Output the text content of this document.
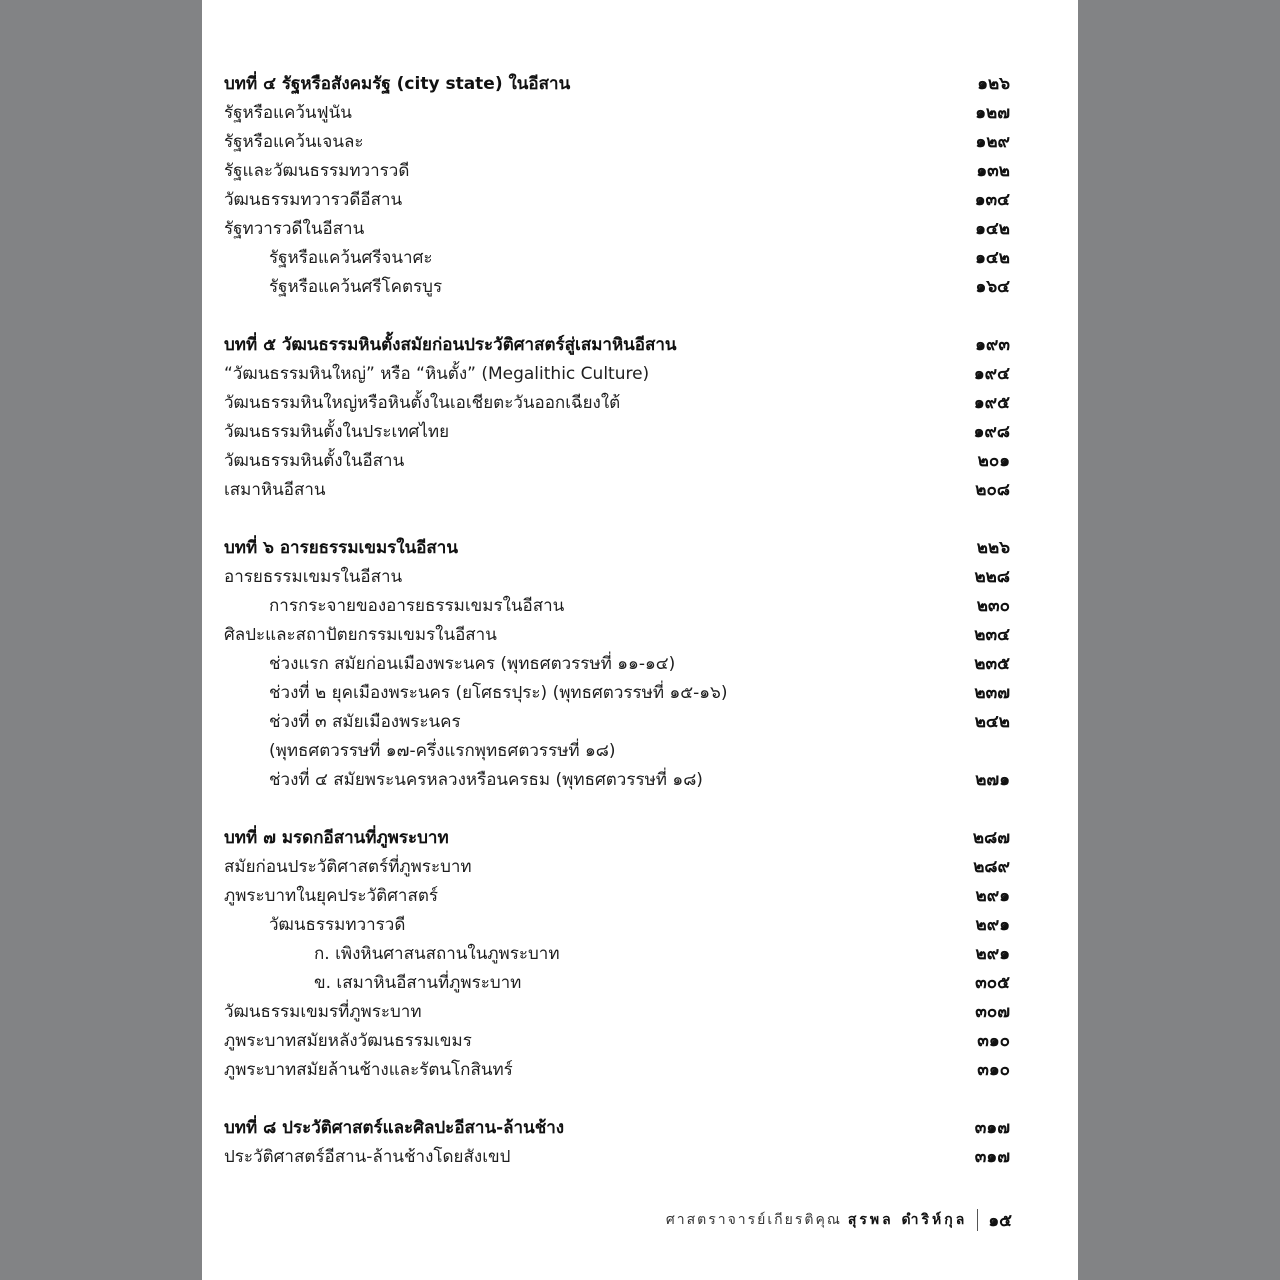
บทที่ ๔ รัฐหรือสังคมรัฐ (city state) ในอีสาน	๑๒๖
รัฐหรือแคว้นฟูนัน	๑๒๗
รัฐหรือแคว้นเจนละ	๑๒๙
รัฐและวัฒนธรรมทวารวดี	๑๓๒
วัฒนธรรมทวารวดีอีสาน	๑๓๔
รัฐทวารวดีในอีสาน	๑๔๒
รัฐหรือแคว้นศรีจนาศะ	๑๔๒
รัฐหรือแคว้นศรีโคตรบูร	๑๖๔
บทที่ ๕ วัฒนธรรมหินตั้งสมัยก่อนประวัติศาสตร์สู่เสมาหินอีสาน	๑๙๓
“วัฒนธรรมหินใหญ่” หรือ “หินตั้ง” (Megalithic Culture)	๑๙๔
วัฒนธรรมหินใหญ่หรือหินตั้งในเอเชียตะวันออกเฉียงใต้	๑๙๕
วัฒนธรรมหินตั้งในประเทศไทย	๑๙๘
วัฒนธรรมหินตั้งในอีสาน	๒๐๑
เสมาหินอีสาน	๒๐๘
บทที่ ๖ อารยธรรมเขมรในอีสาน	๒๒๖
อารยธรรมเขมรในอีสาน	๒๒๘
การกระจายของอารยธรรมเขมรในอีสาน	๒๓๐
ศิลปะและสถาปัตยกรรมเขมรในอีสาน	๒๓๔
ช่วงแรก สมัยก่อนเมืองพระนคร (พุทธศตวรรษที่ ๑๑-๑๔)	๒๓๕
ช่วงที่ ๒ ยุคเมืองพระนคร (ยโศธรปุระ) (พุทธศตวรรษที่ ๑๕-๑๖)	๒๓๗
ช่วงที่ ๓ สมัยเมืองพระนคร	๒๔๒
(พุทธศตวรรษที่ ๑๗-ครึ่งแรกพุทธศตวรรษที่ ๑๘)
ช่วงที่ ๔ สมัยพระนครหลวงหรือนครธม (พุทธศตวรรษที่ ๑๘)	๒๗๑
บทที่ ๗ มรดกอีสานที่ภูพระบาท	๒๘๗
สมัยก่อนประวัติศาสตร์ที่ภูพระบาท	๒๘๙
ภูพระบาทในยุคประวัติศาสตร์	๒๙๑
วัฒนธรรมทวารวดี	๒๙๑
ก. เพิงหินศาสนสถานในภูพระบาท	๒๙๑
ข. เสมาหินอีสานที่ภูพระบาท	๓๐๕
วัฒนธรรมเขมรที่ภูพระบาท	๓๐๗
ภูพระบาทสมัยหลังวัฒนธรรมเขมร	๓๑๐
ภูพระบาทสมัยล้านช้างและรัตนโกสินทร์	๓๑๐
บทที่ ๘ ประวัติศาสตร์และศิลปะอีสาน-ล้านช้าง	๓๑๗
ประวัติศาสตร์อีสาน-ล้านช้างโดยสังเขป	๓๑๗
ศาสตราจารย์เกียรติคุณ สุรพล ดำริห์กุล ๑๕
